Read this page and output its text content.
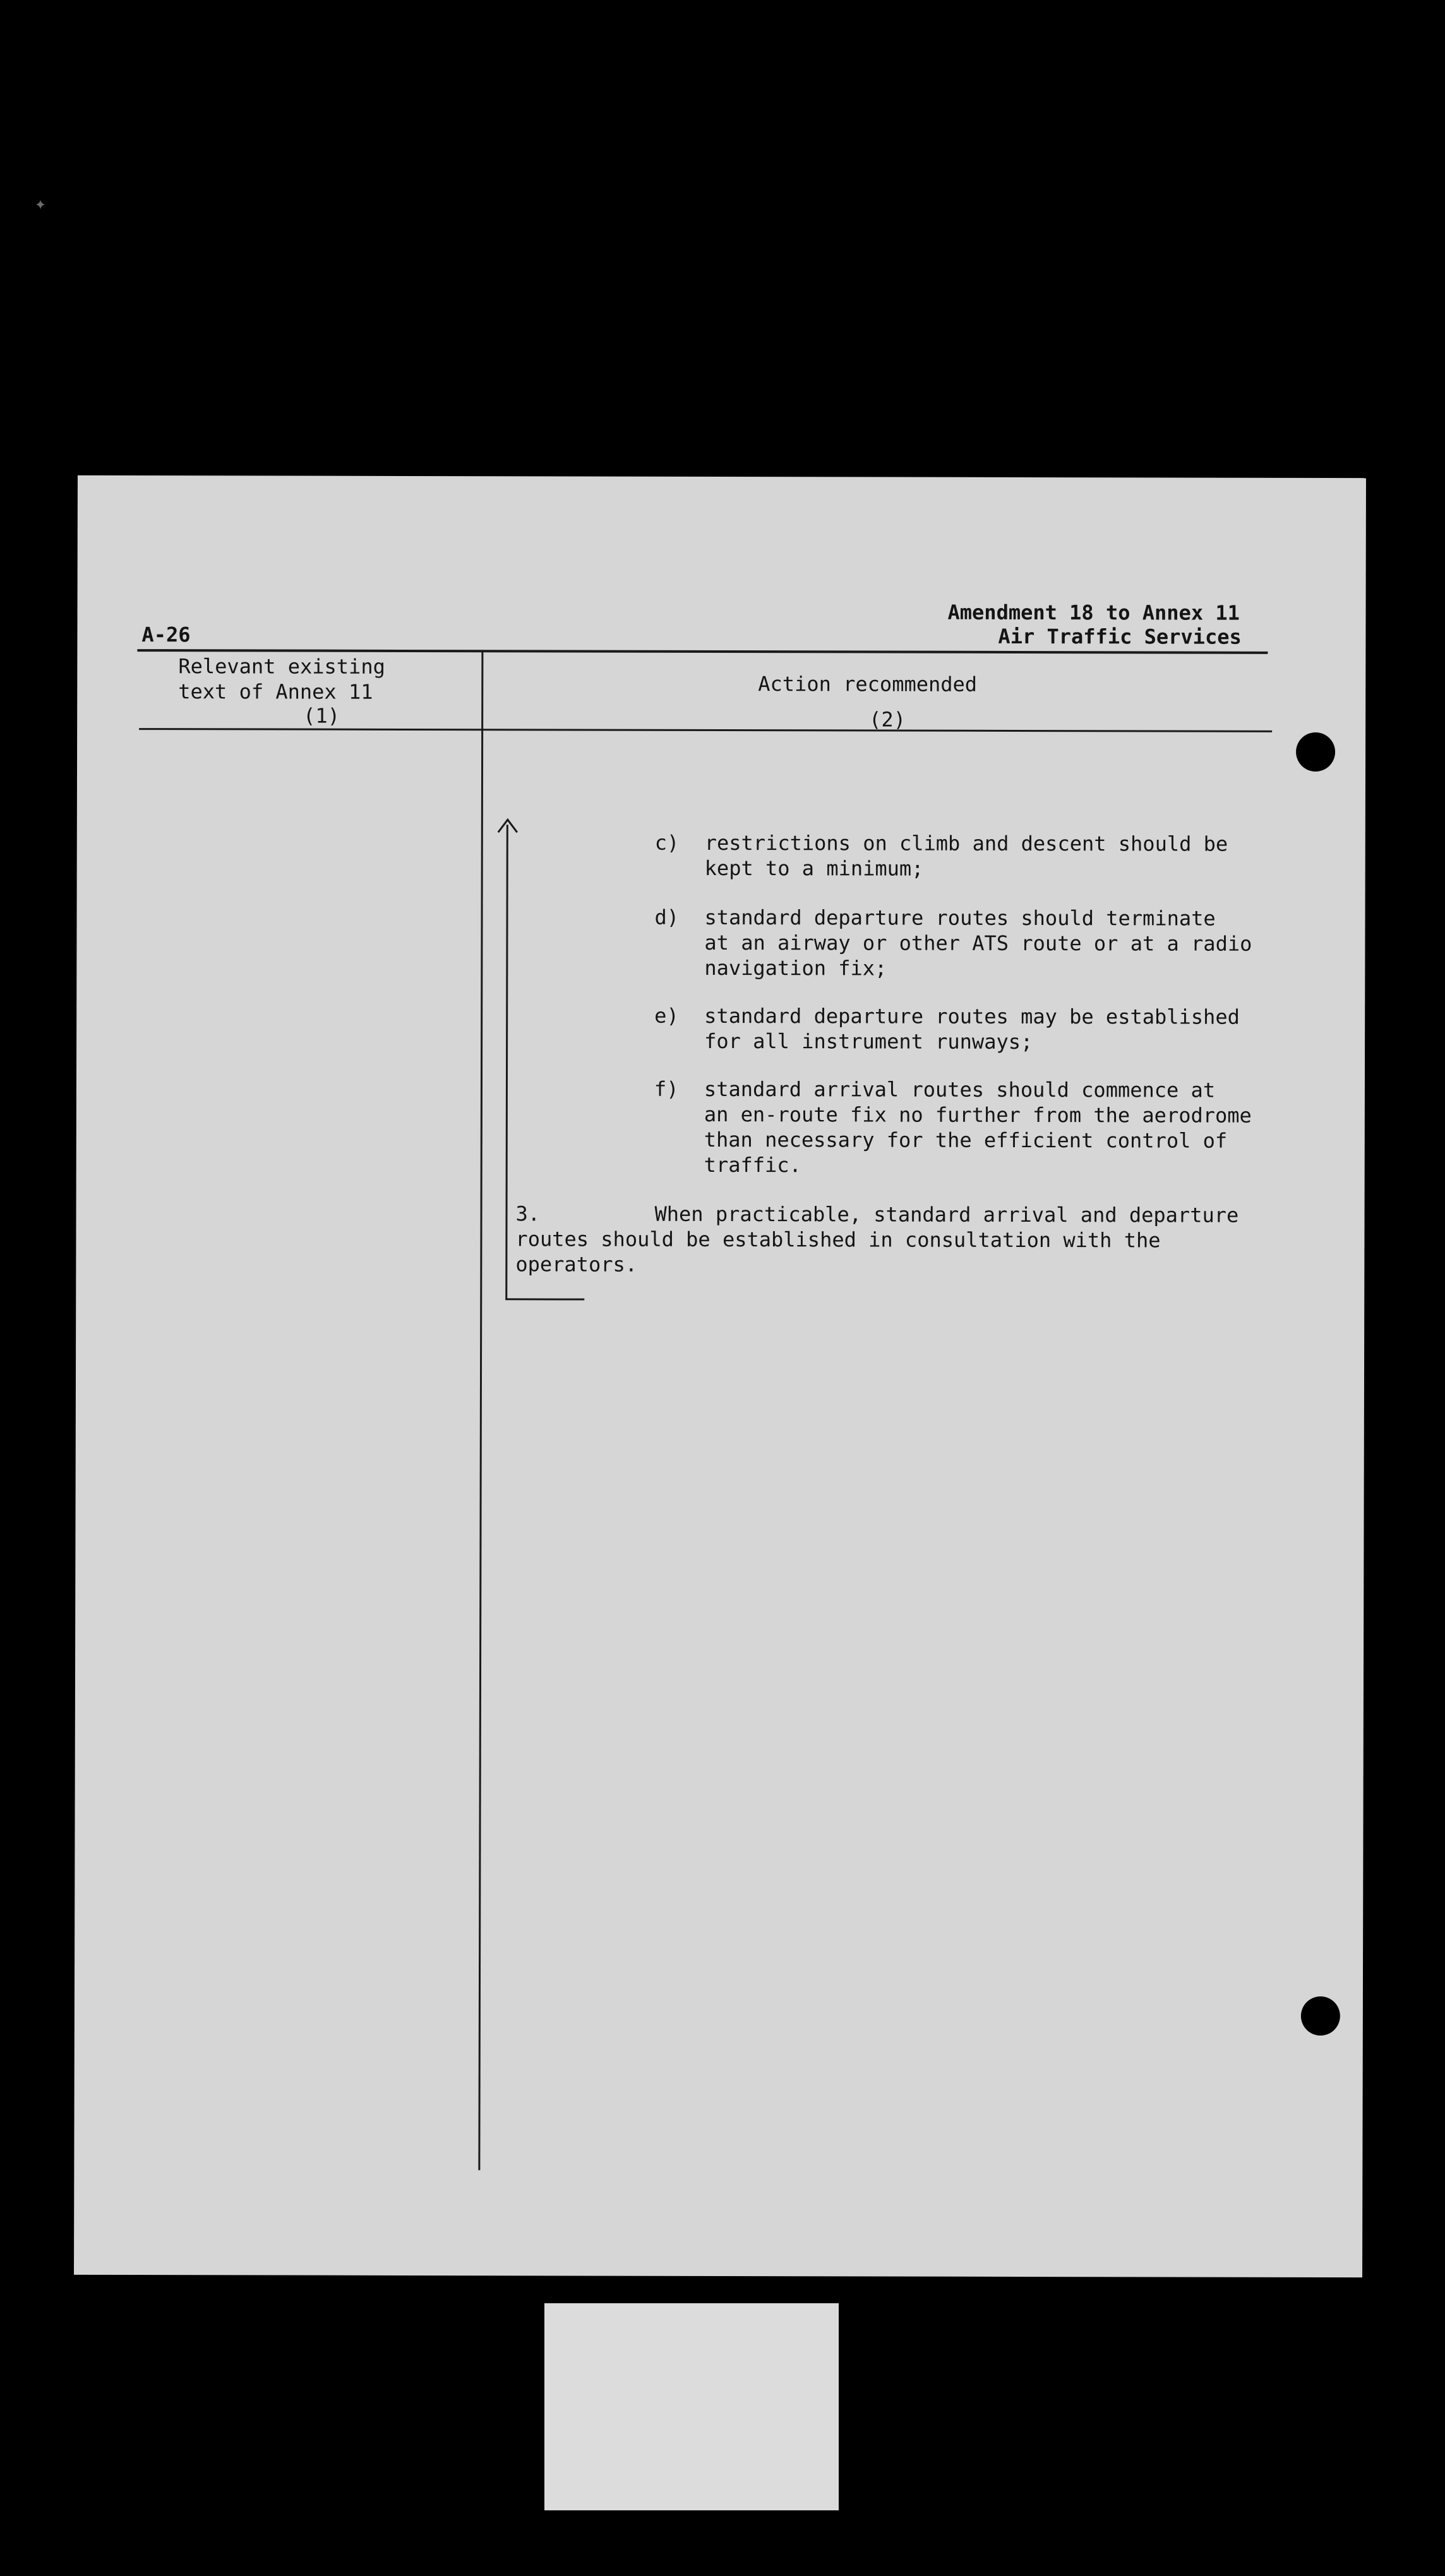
✦
A-26
Amendment 18 to Annex 11
Air Traffic Services
Relevant existing
text of Annex 11
(1)
Action recommended
(2)
c) restrictions on climb and descent should be
kept to a minimum;
d) standard departure routes should terminate
at an airway or other ATS route or at a radio
navigation fix;
e) standard departure routes may be established
for all instrument runways;
f) standard arrival routes should commence at
an en-route fix no further from the aerodrome
than necessary for the efficient control of
traffic.
3.	When practicable, standard arrival and departure
routes should be established in consultation with the
operators.
